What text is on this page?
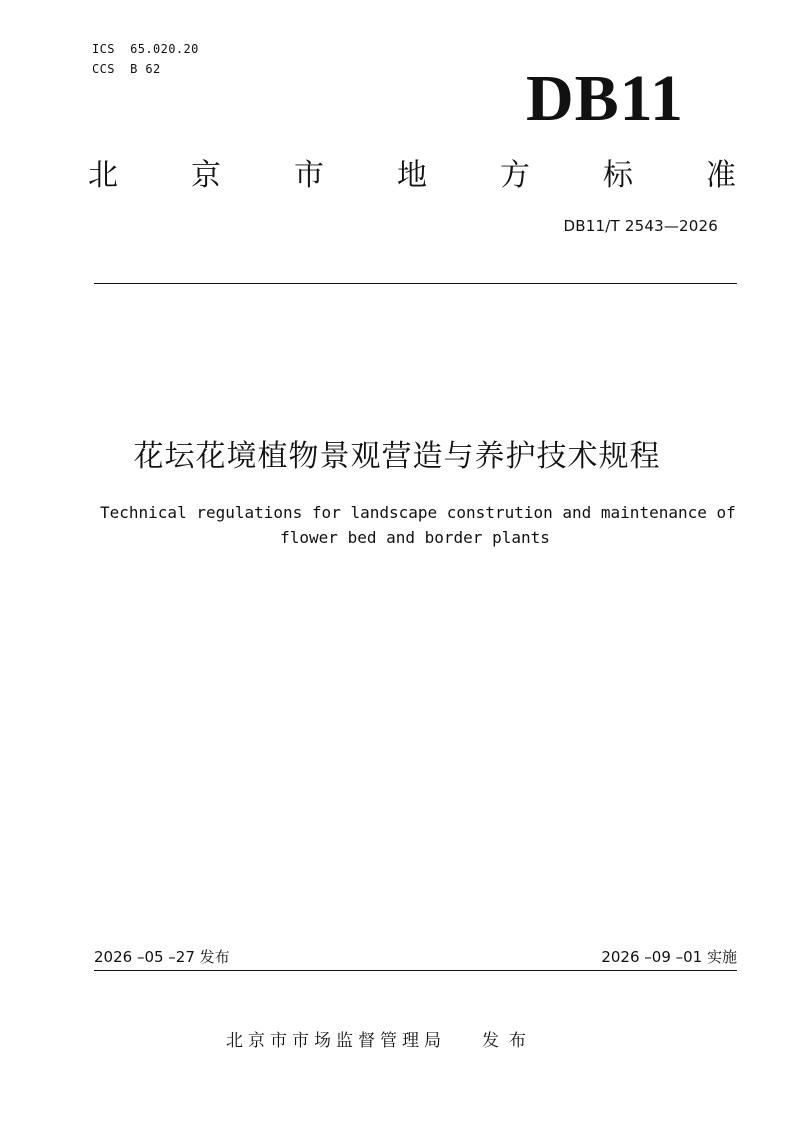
ICS  65.020.20
CCS  B 62	DB11
北 京 市 地 方 标 准
DB11/T 2543—2026
花坛花境植物景观营造与养护技术规程
Technical regulations for landscape constrution and maintenance of
flower bed and border plants
2026 –05 –27 发布	2026 –09 –01 实施
北京市市场监督管理局 发布
